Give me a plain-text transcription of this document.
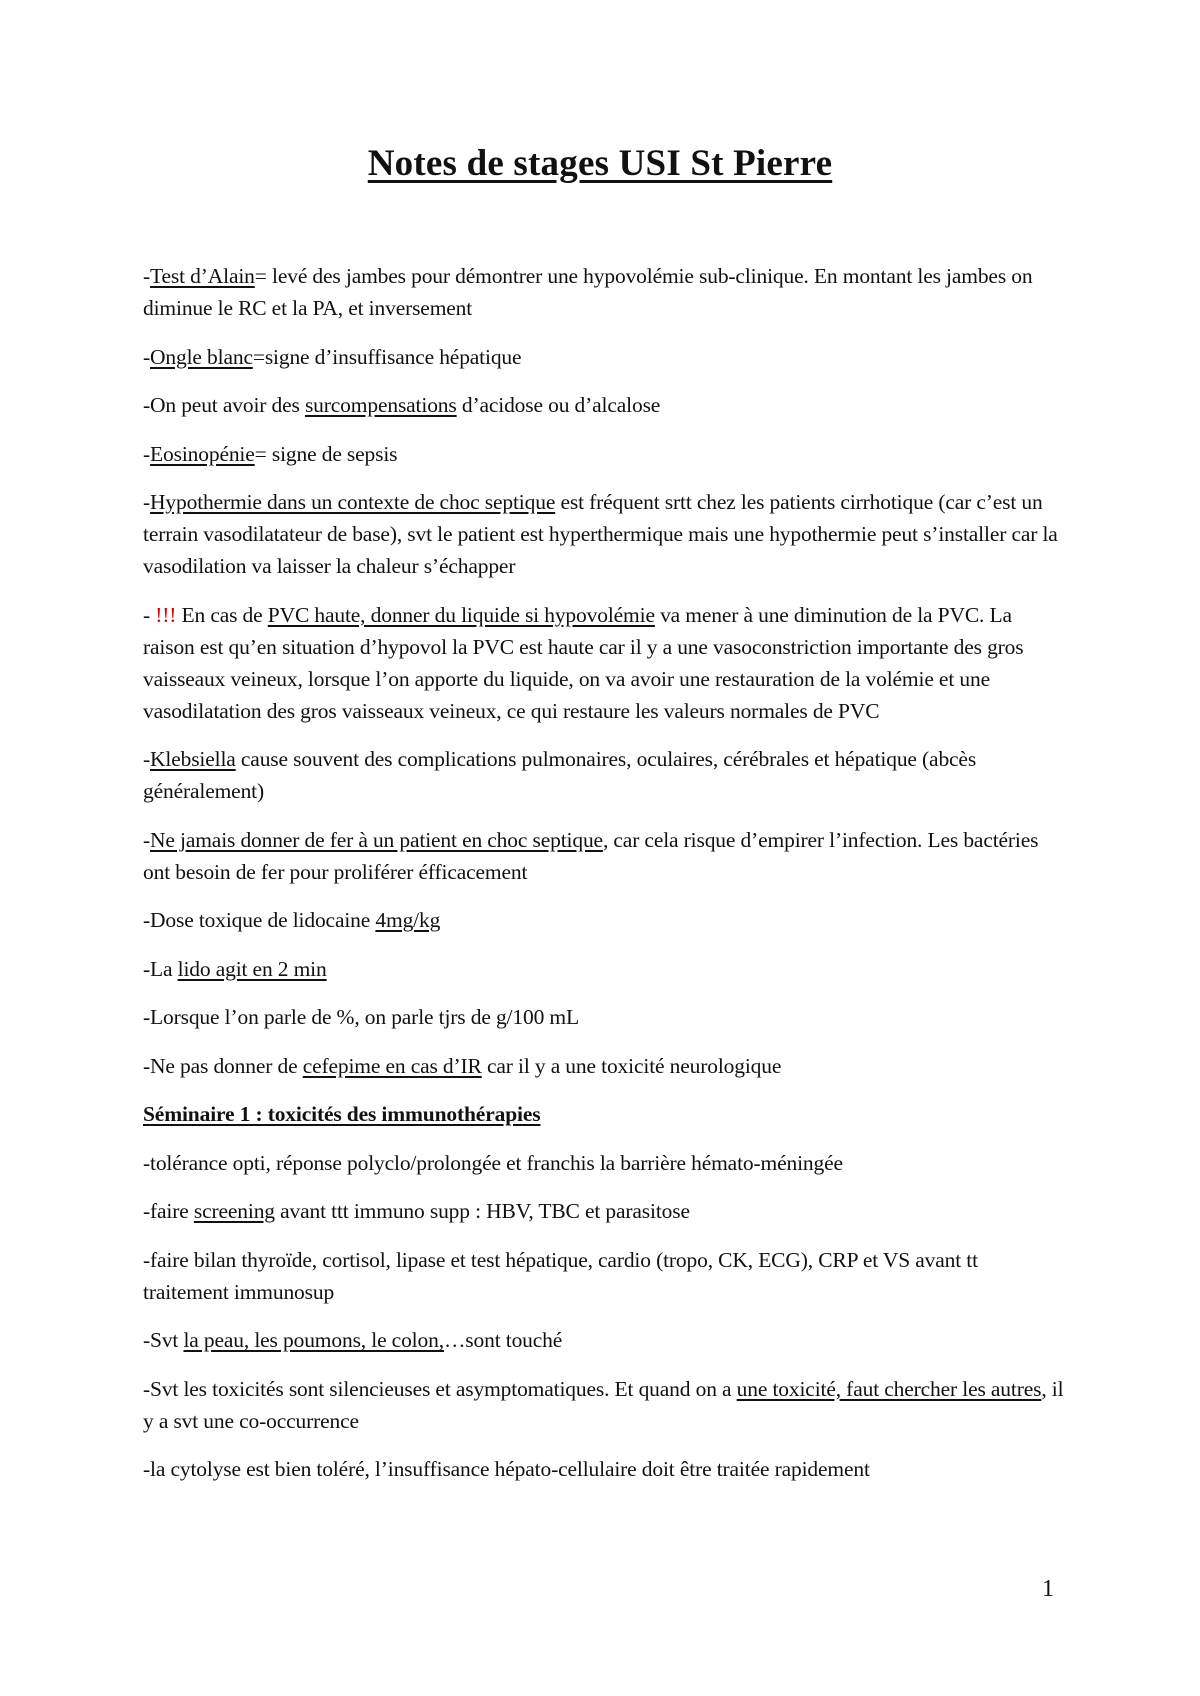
Notes de stages USI St Pierre

-Test d’Alain= levé des jambes pour démontrer une hypovolémie sub-clinique. En montant les jambes on diminue le RC et la PA, et inversement

-Ongle blanc=signe d’insuffisance hépatique

-On peut avoir des surcompensations d’acidose ou d’alcalose

-Eosinopénie= signe de sepsis

-Hypothermie dans un contexte de choc septique est fréquent srtt chez les patients cirrhotique (car c’est un terrain vasodilatateur de base), svt le patient est hyperthermique mais une hypothermie peut s’installer car la vasodilation va laisser la chaleur s’échapper

- !!! En cas de PVC haute, donner du liquide si hypovolémie va mener à une diminution de la PVC. La raison est qu’en situation d’hypovol la PVC est haute car il y a une vasoconstriction importante des gros vaisseaux veineux, lorsque l’on apporte du liquide, on va avoir une restauration de la volémie et une vasodilatation des gros vaisseaux veineux, ce qui restaure les valeurs normales de PVC

-Klebsiella cause souvent des complications pulmonaires, oculaires, cérébrales et hépatique (abcès généralement)

-Ne jamais donner de fer à un patient en choc septique, car cela risque d’empirer l’infection. Les bactéries ont besoin de fer pour proliférer éfficacement

-Dose toxique de lidocaine 4mg/kg

-La lido agit en 2 min

-Lorsque l’on parle de %, on parle tjrs de g/100 mL

-Ne pas donner de cefepime en cas d’IR car il y a une toxicité neurologique

Séminaire 1 : toxicités des immunothérapies

-tolérance opti, réponse polyclo/prolongée et franchis la barrière hémato-méningée

-faire screening avant ttt immuno supp : HBV, TBC et parasitose

-faire bilan thyroïde, cortisol, lipase et test hépatique, cardio (tropo, CK, ECG), CRP et VS avant tt traitement immunosup

-Svt la peau, les poumons, le colon,…sont touché

-Svt les toxicités sont silencieuses et asymptomatiques. Et quand on a une toxicité, faut chercher les autres, il y a svt une co-occurrence

-la cytolyse est bien toléré, l’insuffisance hépato-cellulaire doit être traitée rapidement

1
